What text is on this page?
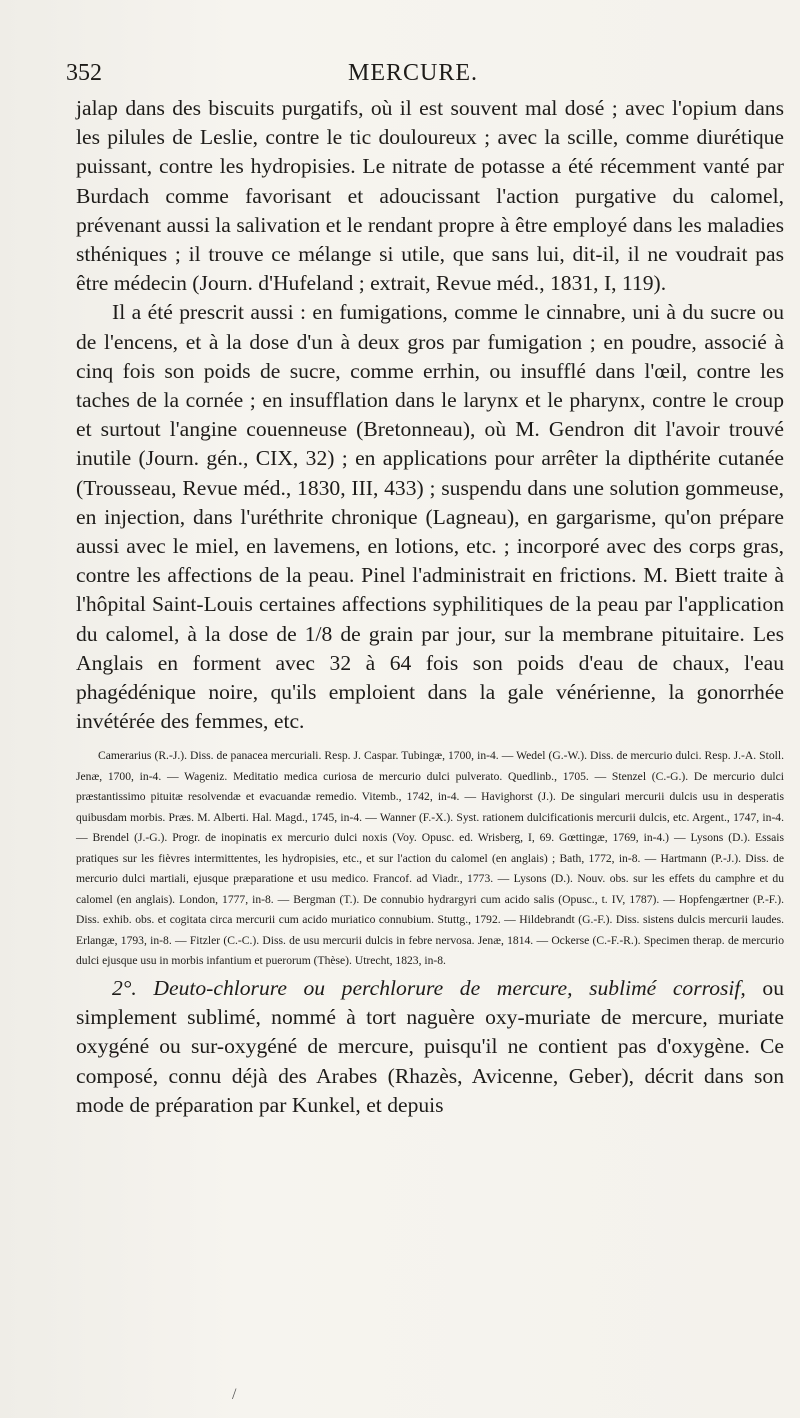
352	MERCURE.

jalap dans des biscuits purgatifs, où il est souvent mal dosé ; avec l'opium dans les pilules de Leslie, contre le tic douloureux ; avec la scille, comme diurétique puissant, contre les hydropisies. Le nitrate de potasse a été récemment vanté par Burdach comme favorisant et adoucissant l'action purgative du calomel, prévenant aussi la salivation et le rendant propre à être employé dans les maladies sthéniques ; il trouve ce mélange si utile, que sans lui, dit-il, il ne voudrait pas être médecin (Journ. d'Hufeland ; extrait, Revue méd., 1831, I, 119).

Il a été prescrit aussi : en fumigations, comme le cinnabre, uni à du sucre ou de l'encens, et à la dose d'un à deux gros par fumigation ; en poudre, associé à cinq fois son poids de sucre, comme errhin, ou insufflé dans l'œil, contre les taches de la cornée ; en insufflation dans le larynx et le pharynx, contre le croup et surtout l'angine couenneuse (Bretonneau), où M. Gendron dit l'avoir trouvé inutile (Journ. gén., CIX, 32) ; en applications pour arrêter la dipthérite cutanée (Trousseau, Revue méd., 1830, III, 433) ; suspendu dans une solution gommeuse, en injection, dans l'uréthrite chronique (Lagneau), en gargarisme, qu'on prépare aussi avec le miel, en lavemens, en lotions, etc. ; incorporé avec des corps gras, contre les affections de la peau. Pinel l'administrait en frictions. M. Biett traite à l'hôpital Saint-Louis certaines affections syphilitiques de la peau par l'application du calomel, à la dose de 1/8 de grain par jour, sur la membrane pituitaire. Les Anglais en forment avec 32 à 64 fois son poids d'eau de chaux, l'eau phagédénique noire, qu'ils emploient dans la gale vénérienne, la gonorrhée invétérée des femmes, etc.

Camerarius (R.-J.). Diss. de panacea mercuriali. Resp. J. Caspar. Tubingæ, 1700, in-4. — Wedel (G.-W.). Diss. de mercurio dulci. Resp. J.-A. Stoll. Jenæ, 1700, in-4. — Wageniz. Meditatio medica curiosa de mercurio dulci pulverato. Quedlinb., 1705. — Stenzel (C.-G.). De mercurio dulci præstantissimo pituitæ resolvendæ et evacuandæ remedio. Vitemb., 1742, in-4. — Havighorst (J.). De singulari mercurii dulcis usu in desperatis quibusdam morbis. Præs. M. Alberti. Hal. Magd., 1745, in-4. — Wanner (F.-X.). Syst. rationem dulcificationis mercurii dulcis, etc. Argent., 1747, in-4. — Brendel (J.-G.). Progr. de inopinatis ex mercurio dulci noxis (Voy. Opusc. ed. Wrisberg, I, 69. Gœttingæ, 1769, in-4.) — Lysons (D.). Essais pratiques sur les fièvres intermittentes, les hydropisies, etc., et sur l'action du calomel (en anglais) ; Bath, 1772, in-8. — Hartmann (P.-J.). Diss. de mercurio dulci martiali, ejusque præparatione et usu medico. Francof. ad Viadr., 1773. — Lysons (D.). Nouv. obs. sur les effets du camphre et du calomel (en anglais). London, 1777, in-8. — Bergman (T.). De connubio hydrargyri cum acido salis (Opusc., t. IV, 1787). — Hopfengærtner (P.-F.). Diss. exhib. obs. et cogitata circa mercurii cum acido muriatico connubium. Stuttg., 1792. — Hildebrandt (G.-F.). Diss. sistens dulcis mercurii laudes. Erlangæ, 1793, in-8. — Fitzler (C.-C.). Diss. de usu mercurii dulcis in febre nervosa. Jenæ, 1814. — Ockerse (C.-F.-R.). Specimen therap. de mercurio dulci ejusque usu in morbis infantium et puerorum (Thèse). Utrecht, 1823, in-8.

2°. Deuto-chlorure ou perchlorure de mercure, sublimé corrosif, ou simplement sublimé, nommé à tort naguère oxy-muriate de mercure, muriate oxygéné ou sur-oxygéné de mercure, puisqu'il ne contient pas d'oxygène. Ce composé, connu déjà des Arabes (Rhazès, Avicenne, Geber), décrit dans son mode de préparation par Kunkel, et depuis

/
